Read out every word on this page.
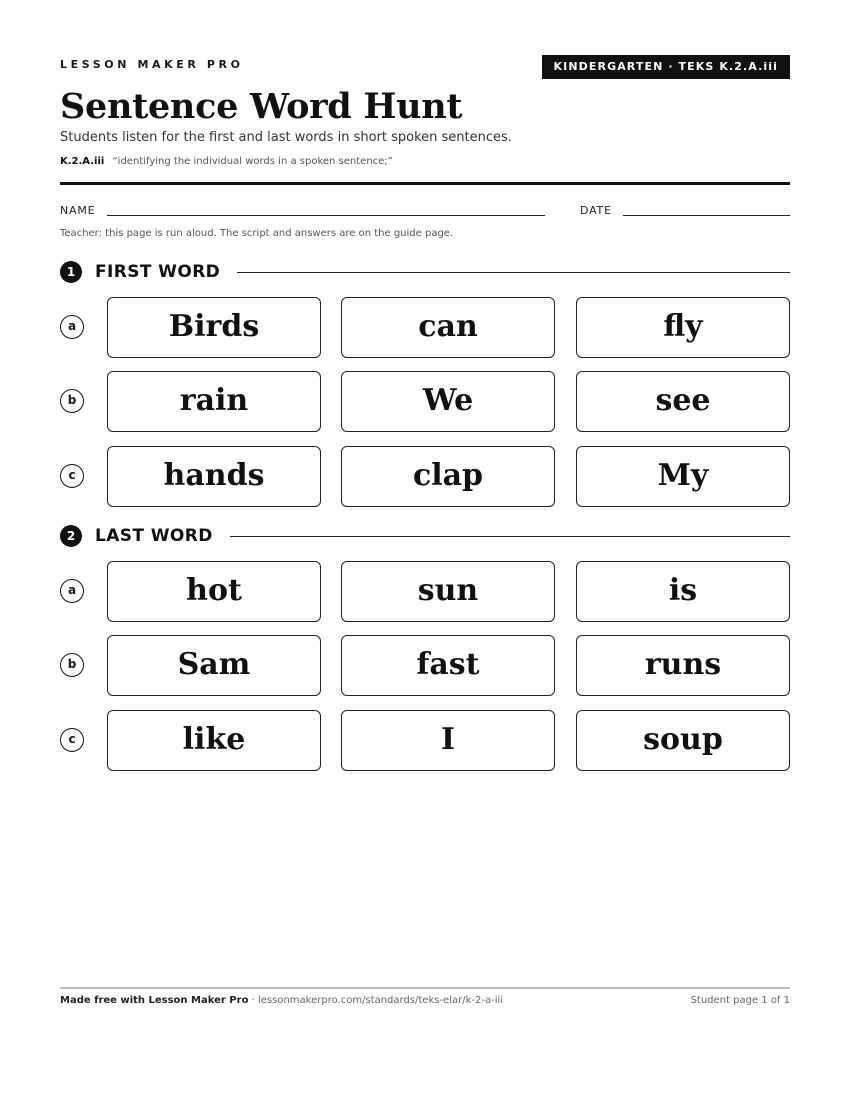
LESSON MAKER PRO	KINDERGARTEN · TEKS K.2.A.iii
Sentence Word Hunt
Students listen for the first and last words in short spoken sentences.
K.2.A.iii “identifying the individual words in a spoken sentence;”
NAME	DATE
Teacher: this page is run aloud. The script and answers are on the guide page.
1	FIRST WORD
a	Birds	can	fly
b	rain	We	see
c	hands	clap	My
2	LAST WORD
a	hot	sun	is
b	Sam	fast	runs
c	like	I	soup
Made free with Lesson Maker Pro · lessonmakerpro.com/standards/teks-elar/k-2-a-iii	Student page 1 of 1
